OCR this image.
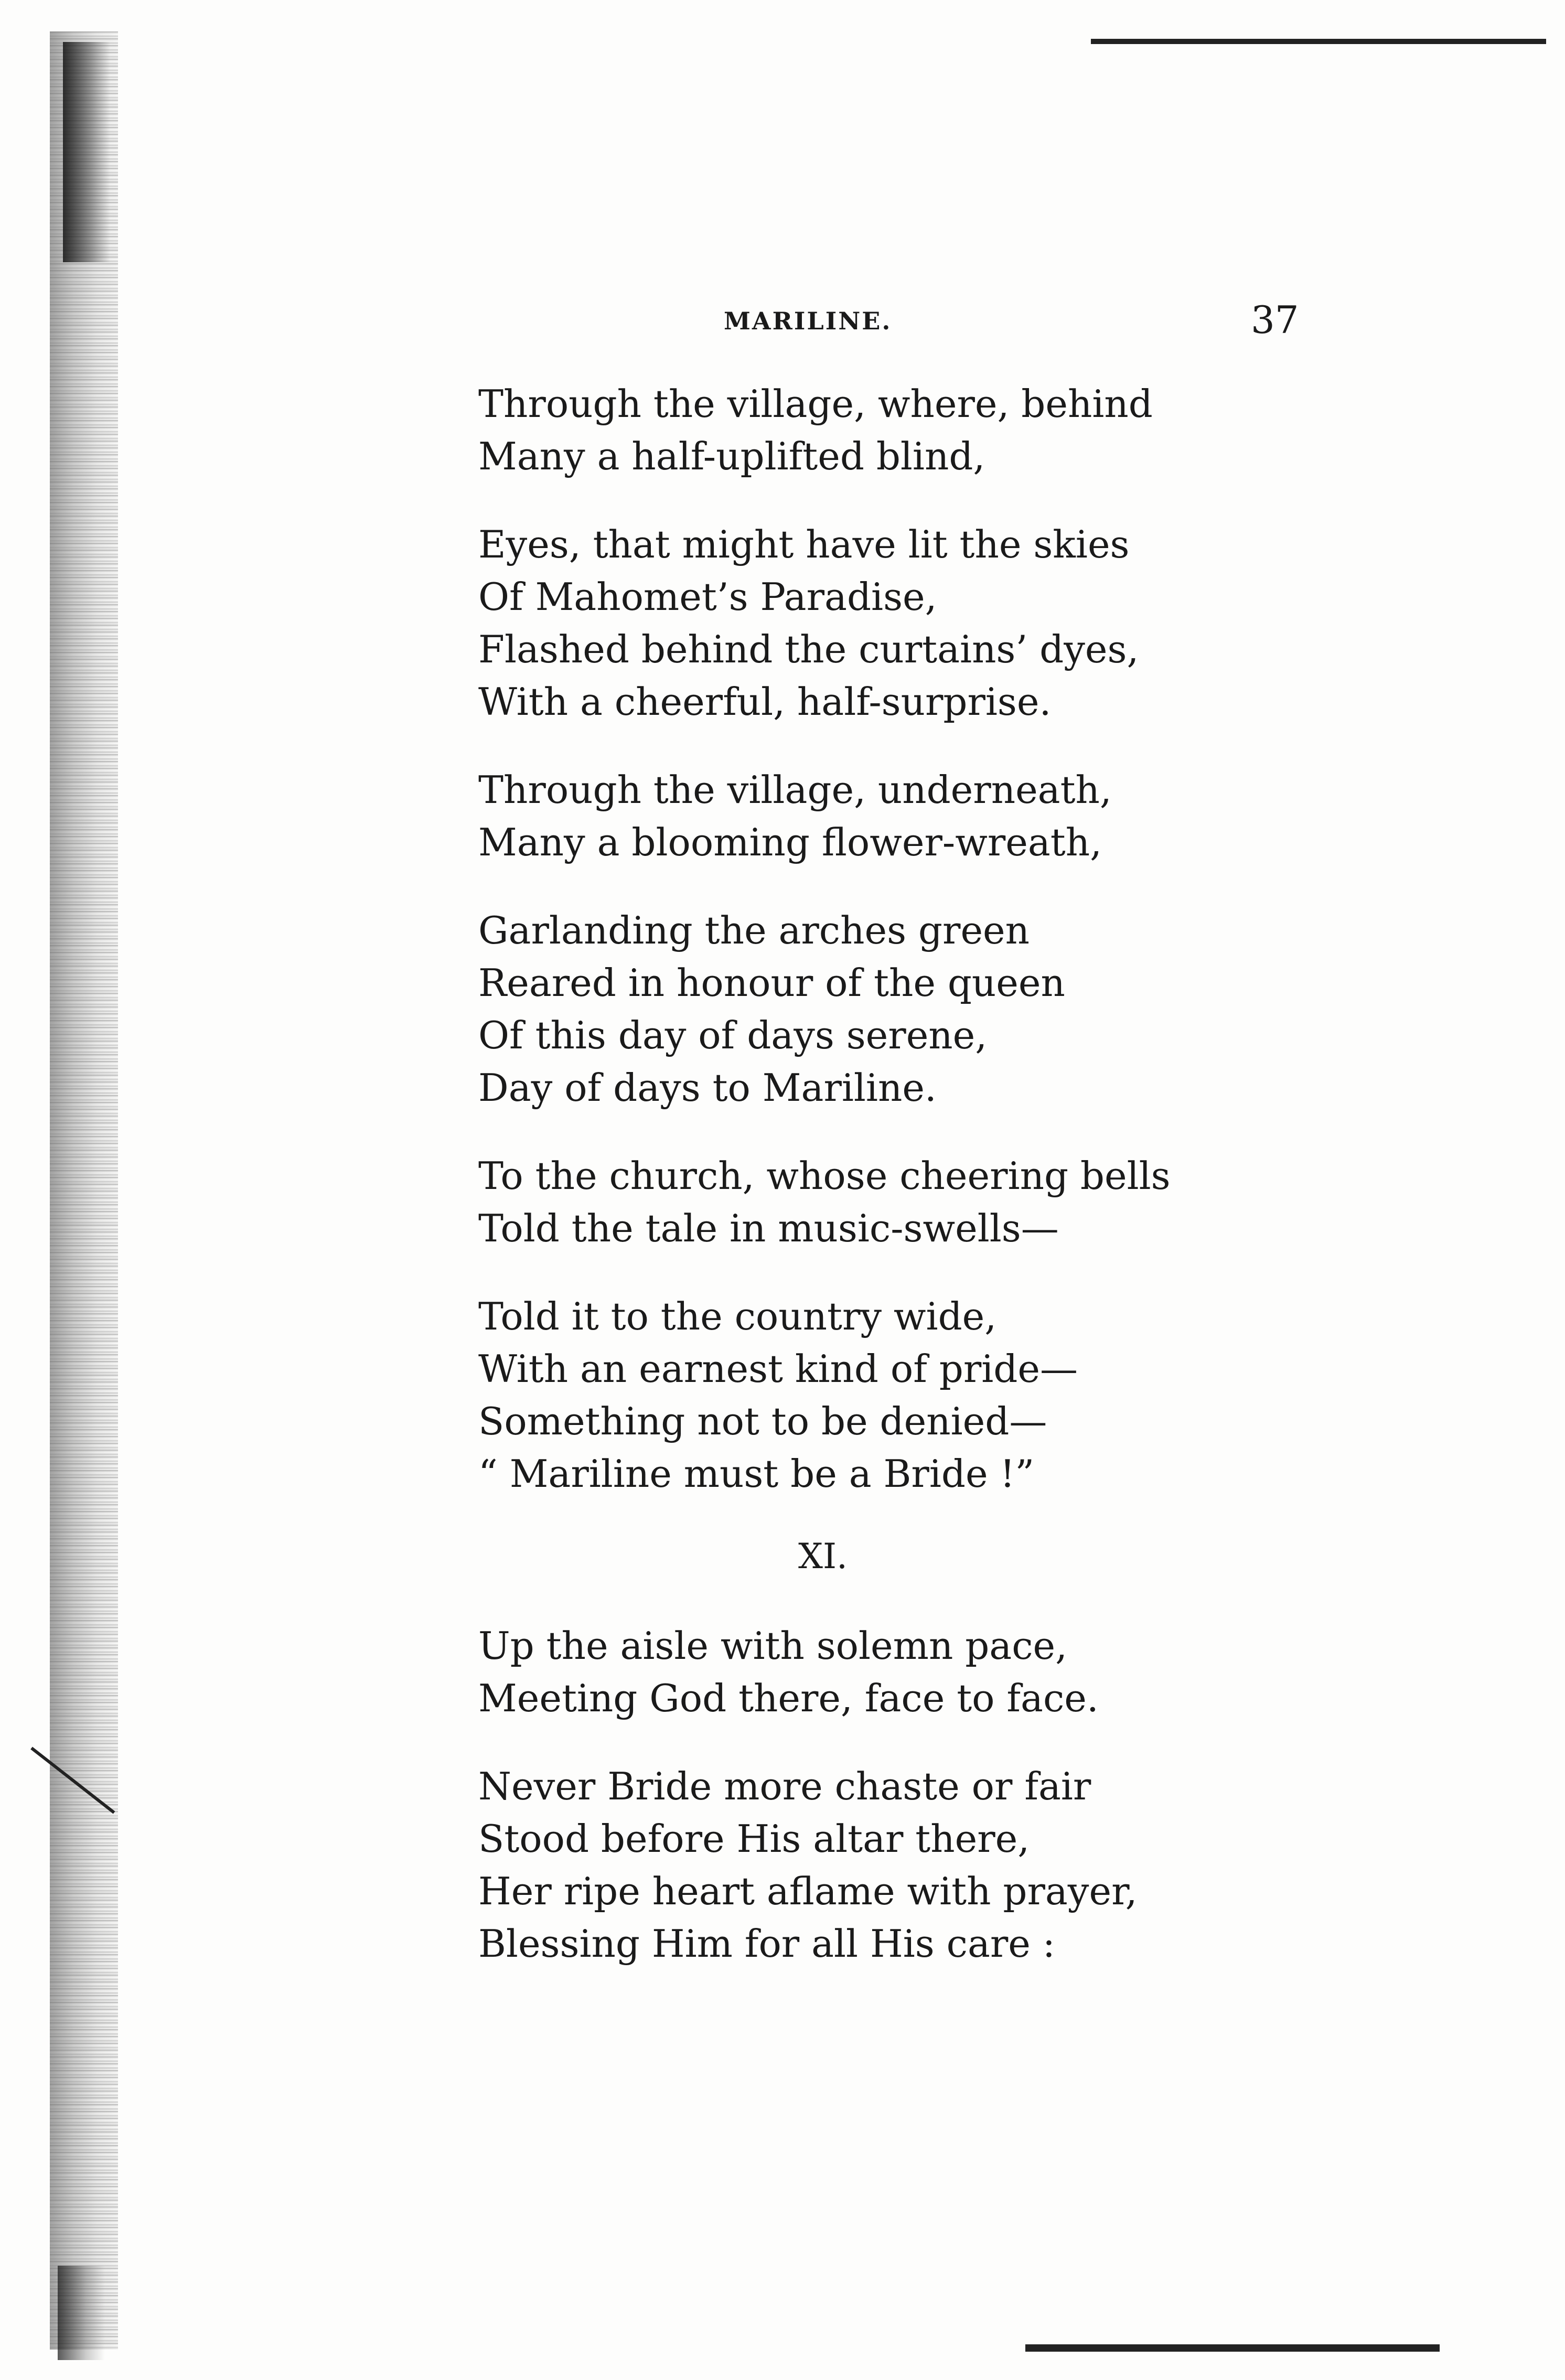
MARILINE.	37
Through the village, where, behind
Many a half-uplifted blind,
Eyes, that might have lit the skies
Of Mahomet’s Paradise,
Flashed behind the curtains’ dyes,
With a cheerful, half-surprise.
Through the village, underneath,
Many a blooming flower-wreath,
Garlanding the arches green
Reared in honour of the queen
Of this day of days serene,
Day of days to Mariline.
To the church, whose cheering bells
Told the tale in music-swells—
Told it to the country wide,
With an earnest kind of pride—
Something not to be denied—
“ Mariline must be a Bride !”
XI.
Up the aisle with solemn pace,
Meeting God there, face to face.
Never Bride more chaste or fair
Stood before His altar there,
Her ripe heart aflame with prayer,
Blessing Him for all His care :
